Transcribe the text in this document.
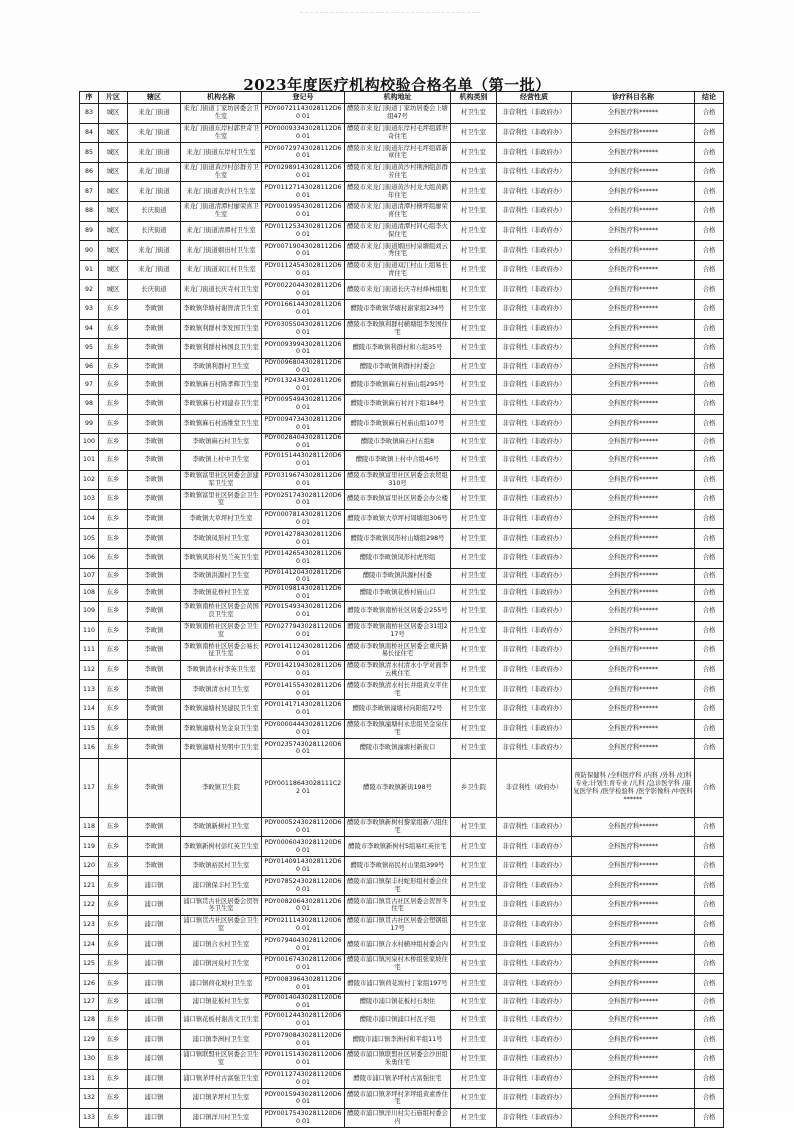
2023年度医疗机构校验合格名单（第一批）
序	片区	辖区	机构名称	登记号	机构地址	机构类别	经营性质	诊疗科目名称	结论
83	城区	来龙门街道	来龙门街道丁家坊居委会卫生室	PDY00721143028112D60 01	醴陵市来龙门街道丁家坊居委会上塘组47号	村卫生室	非营利性（非政府办）	全科医疗科******	合格
84	城区	来龙门街道	来龙门街道东岸村郭世奇卫生室	PDY00093343028112D60 01	醴陵市来龙门街道东岸村毛坪组郭世奇住宅	村卫生室	非营利性（非政府办）	全科医疗科******	合格
85	城区	来龙门街道	来龙门街道东岸村卫生室	PDY00729743028112D60 01	醴陵市来龙门街道东岸村毛坪组郭新章住宅	村卫生室	非营利性（非政府办）	全科医疗科******	合格
86	城区	来龙门街道	来龙门街道黄沙村彭群芳卫生室	PDY02989143028112D60 01	醴陵市来龙门街道黄沙村荆洲组彭群芳住宅	村卫生室	非营利性（非政府办）	全科医疗科******	合格
87	城区	来龙门街道	来龙门街道黄沙村卫生室	PDY01127143028112D60 01	醴陵市来龙门街道黄沙村龙大组黄鹤年住宅	村卫生室	非营利性（非政府办）	全科医疗科******	合格
88	城区	长庆街道	来龙门街道清潭村廖荣喜卫生室	PDY00199543028112D60 01	醴陵市来龙门街道清潭村横坪组廖荣喜住宅	村卫生室	非营利性（非政府办）	全科医疗科******	合格
89	城区	长庆街道	来龙门街道清潭村卫生室	PDY01125343028112D60 01	醴陵市来龙门街道清潭村同心组李火保住宅	村卫生室	非营利性（非政府办）	全科医疗科******	合格
90	城区	来龙门街道	来龙门街道姻田村卫生室	PDY00719043028112D60 01	醴陵市来龙门街道姻田村泉塘组刘云秀住宅	村卫生室	非营利性（非政府办）	全科医疗科******	合格
91	城区	来龙门街道	来龙门街道双江村卫生室	PDY01124543028112D60 01	醴陵市来龙门街道双江村山上组易长青住宅	村卫生室	非营利性（非政府办）	全科医疗科******	合格
92	城区	长庆街道	来龙门街道长庆寺村卫生室	PDY00220443028112D60 01	醴陵市来龙门街道长庆寺村烽林组租	村卫生室	非营利性（非政府办）	全科医疗科******	合格
93	东乡	李畋镇	李畋镇华塘村谢智清卫生室	PDY01661443028112D60 01	醴陵市李畋镇华塘村谢家组234号	村卫生室	非营利性（非政府办）	全科医疗科******	合格
94	东乡	李畋镇	李畋镇利群村李发国卫生室	PDY03055043028112D60 01	醴陵市李畋镇利群村横塘组李发国住宅	村卫生室	非营利性（非政府办）	全科医疗科******	合格
95	东乡	李畋镇	李畋镇利群村林国良卫生室	PDY00939943028112D60 01	醴陵市李畋镇利群村和六组35号	村卫生室	非营利性（非政府办）	全科医疗科******	合格
96	东乡	李畋镇	李畋镇利群村卫生室	PDY00968043028112D60 01	醴陵市李畋镇利群村村委会	村卫生室	非营利性（非政府办）	全科医疗科******	合格
97	东乡	李畋镇	李畋镇麻石村陈孝辉卫生室	PDY01324343028112D60 01	醴陵市李畋镇麻石村庙山组295号	村卫生室	非营利性（非政府办）	全科医疗科******	合格
98	东乡	李畋镇	李畋镇麻石村刘建春卫生室	PDY00954943028112D60 01	醴陵市李畋镇麻石村河下组184号	村卫生室	非营利性（非政府办）	全科医疗科******	合格
99	东乡	李畋镇	李畋镇麻石村汤维堂卫生室	PDY00947343028112D60 01	醴陵市李畋镇麻石村庙山组107号	村卫生室	非营利性（非政府办）	全科医疗科******	合格
100	东乡	李畋镇	李畋镇麻石村卫生室	PDY00284043028112D60 01	醴陵市李畋镇麻石村五组8	村卫生室	非营利性（非政府办）	全科医疗科******	合格
101	东乡	李畋镇	李畋镇上村中卫生室	PDY01514430281120D60 01	醴陵市李畋镇上村中合组46号	村卫生室	非营利性（非政府办）	全科医疗科******	合格
102	东乡	李畋镇	李畋镇富里社区居委会彭建军卫生室	PDY03196743028112D60 01	醴陵市李畋镇富里社区居委会农贸组310号	村卫生室	非营利性（非政府办）	全科医疗科******	合格
103	东乡	李畋镇	李畋镇富里社区居委会卫生室	PDY02517430281120D60 01	醴陵市李畋镇富里社区居委会办公楼	村卫生室	非营利性（非政府办）	全科医疗科******	合格
104	东乡	李畋镇	李畋镇大草坪村卫生室	PDY00078143028112D60 01	醴陵市李畋镇大草坪村周塘组306号	村卫生室	非营利性（非政府办）	全科医疗科******	合格
105	东乡	李畋镇	李畋镇凤形村卫生室	PDY01427843028112D60 01	醴陵市李畋镇凤形村山塘组298号	村卫生室	非营利性（非政府办）	全科医疗科******	合格
106	东乡	李畋镇	李畋镇凤形村吴兰英卫生室	PDY01426543028112D60 01	醴陵市李畋镇凤形村虎形组	村卫生室	非营利性（非政府办）	全科医疗科******	合格
107	东乡	李畋镇	李畋镇洪源村卫生室	PDY01412043028112D60 01	醴陵市李畋镇洪源村村委	村卫生室	非营利性（非政府办）	全科医疗科******	合格
108	东乡	李畋镇	李畋镇花桥村卫生室	PDY01098143028112D60 01	醴陵市李畋镇花桥村庙山口	村卫生室	非营利性（非政府办）	全科医疗科******	合格
109	东乡	李畋镇	李畋镇南桥社区居委会黄国良卫生室	PDY01549343028112D60 01	醴陵市李畋镇南桥社区居委会255号	村卫生室	非营利性（非政府办）	全科医疗科******	合格
110	东乡	李畋镇	李畋镇南桥社区居委会卫生室	PDY02779430281120D60 01	醴陵市李畋镇南桥社区居委会31组217号	村卫生室	非营利性（非政府办）	全科医疗科******	合格
111	东乡	李畋镇	李畋镇南桥社区居委会易长征卫生室	PDY01411243028112D60 01	醴陵市李畋镇南桥社区居委会重庆路易长征住宅	村卫生室	非营利性（非政府办）	全科医疗科******	合格
112	东乡	李畋镇	李畋镇清水村李英卫生室	PDY01421943028112D60 01	醴陵市李畋镇清水村清水小学对面李云桃住宅	村卫生室	非营利性（非政府办）	全科医疗科******	合格
113	东乡	李畋镇	李畋镇清水村卫生室	PDY01415543028112D60 01	醴陵市李畋镇清水村长井组黄女平住宅	村卫生室	非营利性（非政府办）	全科医疗科******	合格
114	东乡	李畋镇	李畋镇潼塘村吴建民卫生室	PDY01417143028112D60 01	醴陵市李畋镇潼塘村向阳组72号	村卫生室	非营利性（非政府办）	全科医疗科******	合格
115	东乡	李畋镇	李畋镇潼塘村吴金泉卫生室	PDY00004443028112D60 01	醴陵市李畋镇潼塘村永忠组吴金泉住宅	村卫生室	非营利性（非政府办）	全科医疗科******	合格
116	东乡	李畋镇	李畋镇潼塘村吴明中卫生室	PDY02357430281120D60 01	醴陵市李畋镇潼塘村新街口	村卫生室	非营利性（非政府办）	全科医疗科******	合格
117	东乡	李畋镇	李畋镇卫生院	PDY00118643028111C22 01	醴陵市李畋镇新街198号	乡卫生院	非营利性（政府办）	预防保健科 /全科医疗科 /内科 /外科 /妇科专业;计划生育专业 /儿科 /急诊医学科 /康复医学科 /医学检验科 /医学影像科 /中医科******	合格
118	东乡	李畋镇	李畋镇新树村卫生室	PDY00052430281120D60 01	醴陵市李畋镇新树村黎家组新八组住宅	村卫生室	非营利性（非政府办）	全科医疗科******	合格
119	东乡	李畋镇	李畋镇新树村彭红英卫生室	PDY00060430281120D60 01	醴陵市李畋镇新树村5组易红英住宅	村卫生室	非营利性（非政府办）	全科医疗科******	合格
120	东乡	李畋镇	李畋镇裕民村卫生室	PDY01409143028112D60 01	醴陵市李畋镇裕民村山果组399号	村卫生室	非营利性（非政府办）	全科医疗科******	合格
121	东乡	浦口镇	浦口镇保丰村卫生室	PDY07852430281120D60 01	醴陵市浦口镇保丰村蛇形组村委会住宅	村卫生室	非营利性（非政府办）	全科医疗科******	合格
122	东乡	浦口镇	浦口镇贯古社区居委会贺智冬卫生室	PDY00820643028112D60 01	醴陵市浦口镇贯古社区居委会贺智冬住宅	村卫生室	非营利性（非政府办）	全科医疗科******	合格
123	东乡	浦口镇	浦口镇贯古社区居委会卫生室	PDY02111430281120D60 01	醴陵市浦口镇贯古社区居委会塑钢组17号	村卫生室	非营利性（非政府办）	全科医疗科******	合格
124	东乡	浦口镇	浦口镇合水村卫生室	PDY07940430281120D60 01	醴陵市浦口镇合水村横冲组村委会内	村卫生室	非营利性（非政府办）	全科医疗科******	合格
125	东乡	浦口镇	浦口镇河泉村卫生室	PDY00167430281120D60 01	醴陵市浦口镇河泉村木桥组张家坡住宅	村卫生室	非营利性（非政府办）	全科医疗科******	合格
126	东乡	浦口镇	浦口镇荷花坡村卫生室	PDY00839643028112D60 01	醴陵市浦口镇荷花坡村丁家组197号	村卫生室	非营利性（非政府办）	全科医疗科******	合格
127	东乡	浦口镇	浦口镇花板村卫生室	PDY00140430281120D60 01	醴陵市浦口镇花板村石坝住	村卫生室	非营利性（非政府办）	全科医疗科******	合格
128	东乡	浦口镇	浦口镇花板村谢善文卫生室	PDY00124430281120D60 01	醴陵市浦口镇浦口村瓦子组	村卫生室	非营利性（非政府办）	全科医疗科******	合格
129	东乡	浦口镇	浦口镇李洲村卫生室	PDY07908430281120D60 01	醴陵市浦口镇李洲村和平组11号	村卫生室	非营利性（非政府办）	全科医疗科******	合格
130	东乡	浦口镇	浦口镇联盟社区居委会卫生室	PDY01151430281120D60 01	醴陵市浦口镇联盟社区居委会沙田组朱勇住宅	村卫生室	非营利性（非政府办）	全科医疗科******	合格
131	东乡	浦口镇	浦口镇茅坪村古富强卫生室	PDY01127430281120D60 01	醴陵市浦口镇茅坪村古富强住宅	村卫生室	非营利性（非政府办）	全科医疗科******	合格
132	东乡	浦口镇	浦口镇茅坪村卫生室	PDY00159430281120D60 01	醴陵市浦口镇茅坪村茅坪组黄素香住宅	村卫生室	非营利性（非政府办）	全科医疗科******	合格
133	东乡	浦口镇	浦口镇洋川村卫生室	PDY00175430281120D60 01	醴陵市浦口镇洋川村尖石庙组村委会内	村卫生室	非营利性（非政府办）	全科医疗科******	合格
